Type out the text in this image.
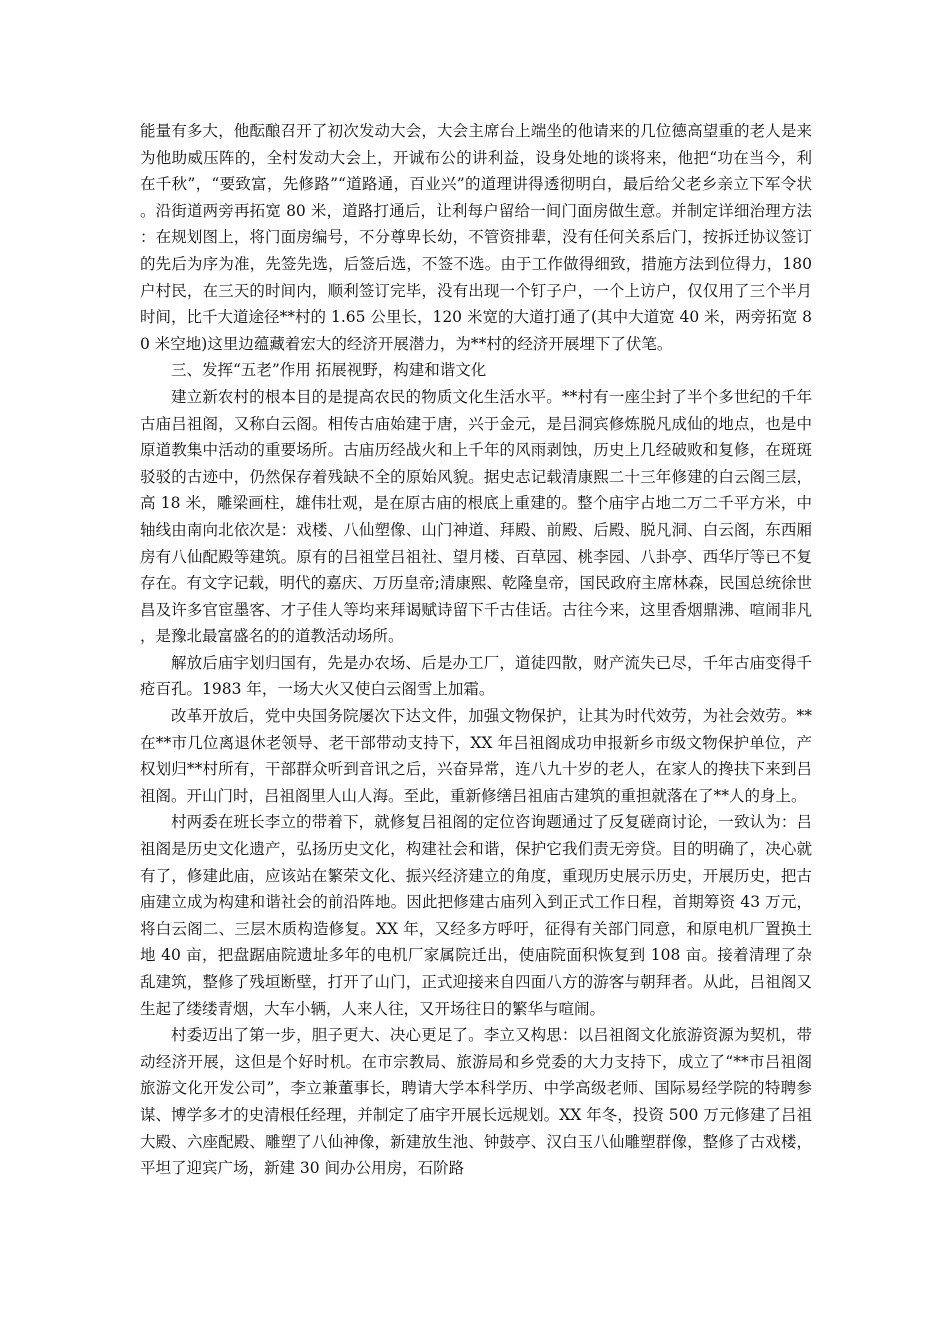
能量有多大，他酝酿召开了初次发动大会，大会主席台上端坐的他请来的几位德高望重的老人是来为他助威压阵的，全村发动大会上，开诚布公的讲利益，设身处地的谈将来，他把“功在当今，利在千秋”，“要致富，先修路”“道路通，百业兴”的道理讲得透彻明白，最后给父老乡亲立下军令状。沿街道两旁再拓宽 80 米，道路打通后，让利每户留给一间门面房做生意。并制定详细治理方法：在规划图上，将门面房编号，不分尊卑长幼，不管资排辈，没有任何关系后门，按拆迁协议签订的先后为序为准，先签先选，后签后选，不签不选。由于工作做得细致，措施方法到位得力，180 户村民，在三天的时间内，顺利签订完毕，没有出现一个钉子户，一个上访户，仅仅用了三个半月时间，比千大道途径**村的 1.65 公里长，120 米宽的大道打通了(其中大道宽 40 米，两旁拓宽 80 米空地)这里边蕴藏着宏大的经济开展潜力，为**村的经济开展埋下了伏笔。

三、发挥“五老”作用 拓展视野，构建和谐文化

建立新农村的根本目的是提高农民的物质文化生活水平。**村有一座尘封了半个多世纪的千年古庙吕祖阁，又称白云阁。相传古庙始建于唐，兴于金元，是吕洞宾修炼脱凡成仙的地点，也是中原道教集中活动的重要场所。古庙历经战火和上千年的风雨剥蚀，历史上几经破败和复修，在斑斑驳驳的古迹中，仍然保存着残缺不全的原始风貌。据史志记载清康熙二十三年修建的白云阁三层，高 18 米，雕梁画柱，雄伟壮观，是在原古庙的根底上重建的。整个庙宇占地二万二千平方米，中轴线由南向北依次是：戏楼、八仙塑像、山门神道、拜殿、前殿、后殿、脱凡洞、白云阁，东西厢房有八仙配殿等建筑。原有的吕祖堂吕祖社、望月楼、百草园、桃李园、八卦亭、西华厅等已不复存在。有文字记载，明代的嘉庆、万历皇帝;清康熙、乾隆皇帝，国民政府主席林森，民国总统徐世昌及许多官宦墨客、才子佳人等均来拜谒赋诗留下千古佳话。古往今来，这里香烟鼎沸、喧闹非凡，是豫北最富盛名的的道教活动场所。

解放后庙宇划归国有，先是办农场、后是办工厂，道徒四散，财产流失已尽，千年古庙变得千疮百孔。1983 年，一场大火又使白云阁雪上加霜。

改革开放后，党中央国务院屡次下达文件，加强文物保护，让其为时代效劳，为社会效劳。**在**市几位离退休老领导、老干部带动支持下，XX 年吕祖阁成功申报新乡市级文物保护单位，产权划归**村所有，干部群众听到音讯之后，兴奋异常，连八九十岁的老人，在家人的搀扶下来到吕祖阁。开山门时，吕祖阁里人山人海。至此，重新修缮吕祖庙古建筑的重担就落在了**人的身上。

村两委在班长李立的带着下，就修复吕祖阁的定位咨询题通过了反复磋商讨论，一致认为：吕祖阁是历史文化遗产，弘扬历史文化，构建社会和谐，保护它我们责无旁贷。目的明确了，决心就有了，修建此庙，应该站在繁荣文化、振兴经济建立的角度，重现历史展示历史，开展历史，把古庙建立成为构建和谐社会的前沿阵地。因此把修建古庙列入到正式工作日程，首期筹资 43 万元，将白云阁二、三层木质构造修复。XX 年，又经多方呼吁，征得有关部门同意，和原电机厂置换土地 40 亩，把盘踞庙院遗址多年的电机厂家属院迁出，使庙院面积恢复到 108 亩。接着清理了杂乱建筑，整修了残垣断壁，打开了山门，正式迎接来自四面八方的游客与朝拜者。从此，吕祖阁又生起了缕缕青烟，大车小辆，人来人往，又开场往日的繁华与喧闹。

村委迈出了第一步，胆子更大、决心更足了。李立又构思：以吕祖阁文化旅游资源为契机，带动经济开展，这但是个好时机。在市宗教局、旅游局和乡党委的大力支持下，成立了“**市吕祖阁旅游文化开发公司”，李立兼董事长，聘请大学本科学历、中学高级老师、国际易经学院的特聘参谋、博学多才的史清根任经理，并制定了庙宇开展长远规划。XX 年冬，投资 500 万元修建了吕祖大殿、六座配殿、雕塑了八仙神像，新建放生池、钟鼓亭、汉白玉八仙雕塑群像，整修了古戏楼，平坦了迎宾广场，新建 30 间办公用房，石阶路
